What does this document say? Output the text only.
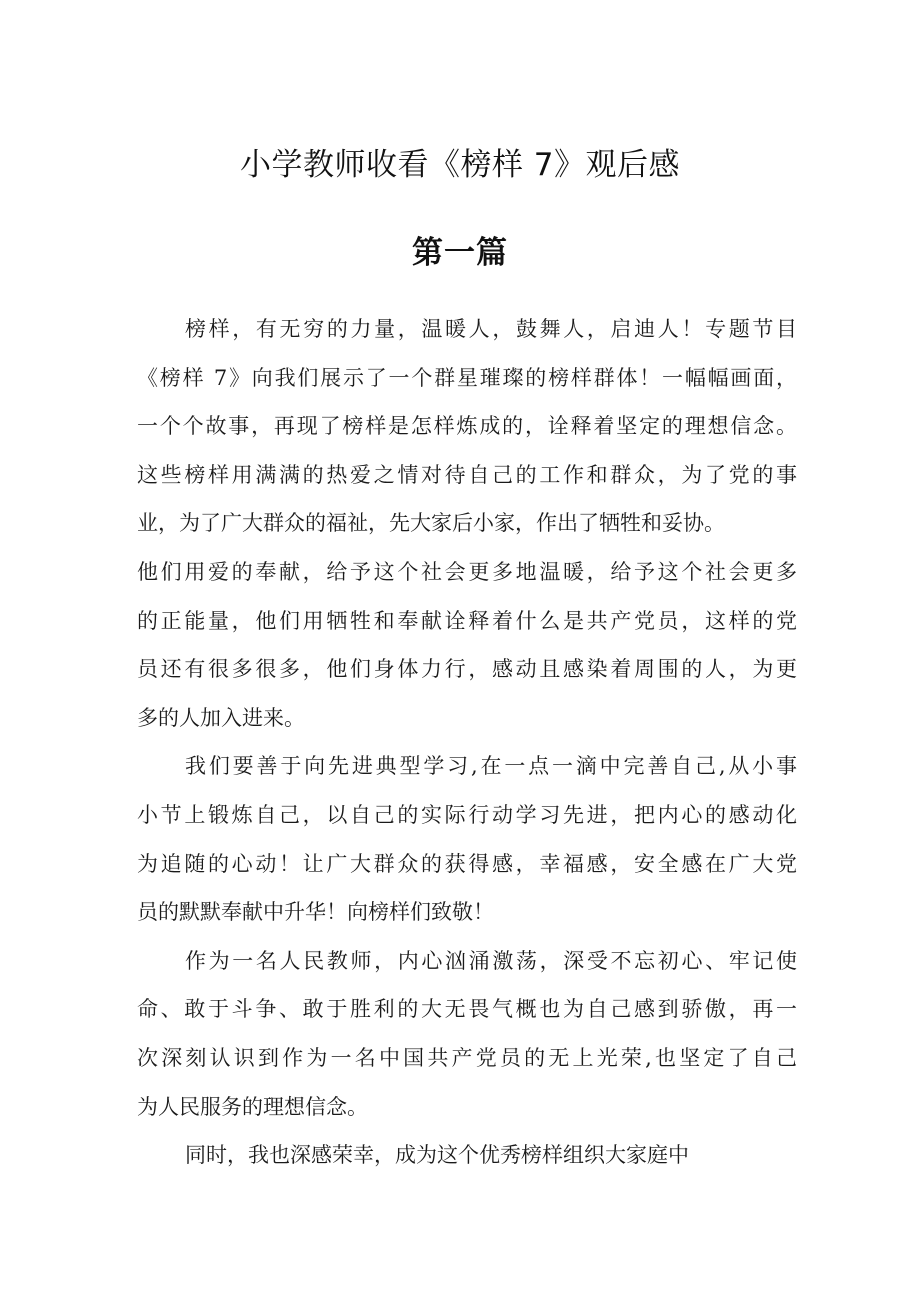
小学教师收看《榜样 7》观后感
第一篇
榜样，有无穷的力量，温暖人，鼓舞人，启迪人！专题节目
《榜样 7》向我们展示了一个群星璀璨的榜样群体！一幅幅画面，
一个个故事，再现了榜样是怎样炼成的，诠释着坚定的理想信念。
这些榜样用满满的热爱之情对待自己的工作和群众，为了党的事
业，为了广大群众的福祉，先大家后小家，作出了牺牲和妥协。
他们用爱的奉献，给予这个社会更多地温暖，给予这个社会更多
的正能量，他们用牺牲和奉献诠释着什么是共产党员，这样的党
员还有很多很多，他们身体力行，感动且感染着周围的人，为更
多的人加入进来。
我们要善于向先进典型学习,在一点一滴中完善自己,从小事
小节上锻炼自己，以自己的实际行动学习先进，把内心的感动化
为追随的心动！让广大群众的获得感，幸福感，安全感在广大党
员的默默奉献中升华！向榜样们致敬！
作为一名人民教师，内心汹涌激荡，深受不忘初心、牢记使
命、敢于斗争、敢于胜利的大无畏气概也为自己感到骄傲，再一
次深刻认识到作为一名中国共产党员的无上光荣,也坚定了自己
为人民服务的理想信念。
同时，我也深感荣幸，成为这个优秀榜样组织大家庭中
